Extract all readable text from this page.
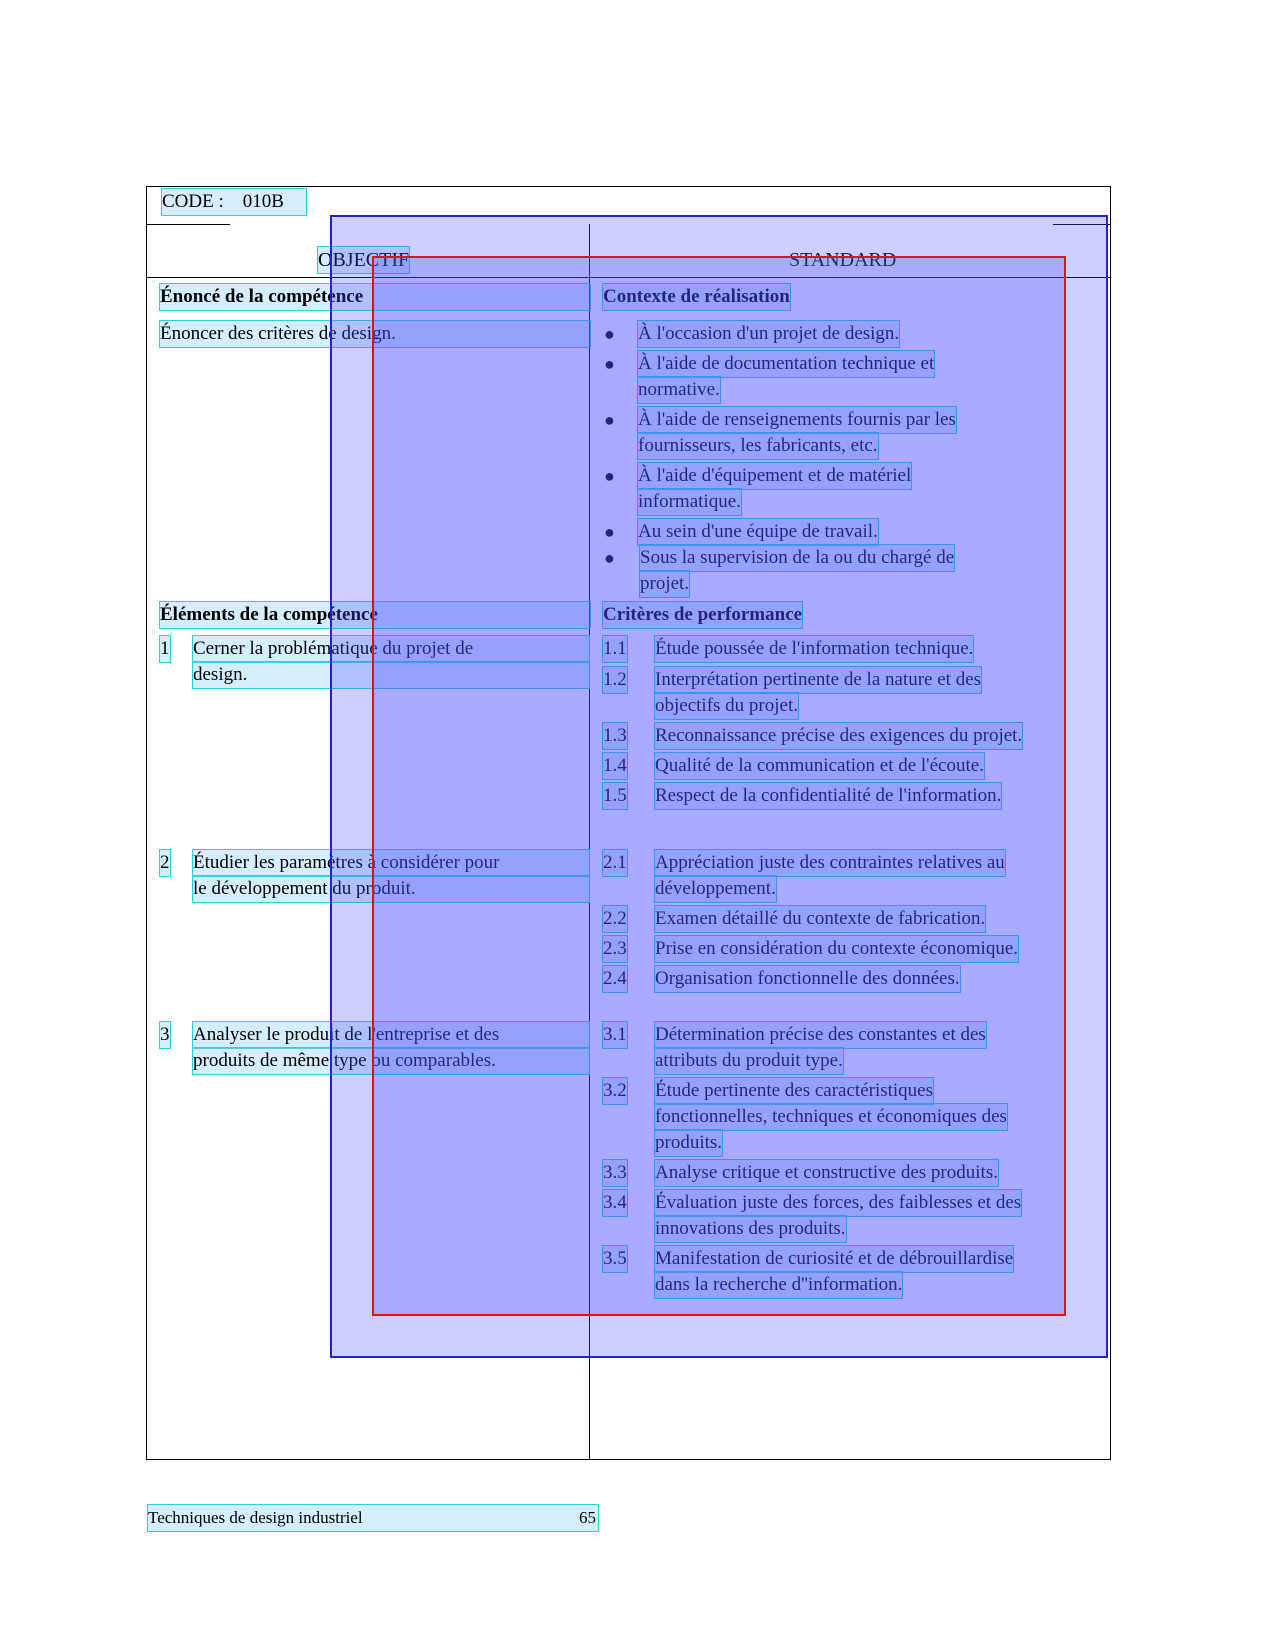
CODE : 010B
OBJECTIF	STANDARD
Énoncé de la compétence
Énoncer des critères de design.
Éléments de la compétence
1 Cerner la problématique du projet de
design.
2 Étudier les paramètres à considérer pour
le développement du produit.
3 Analyser le produit de l'entreprise et des
produits de même type ou comparables.
Contexte de réalisation
● À l'occasion d'un projet de design.
● À l'aide de documentation technique et
normative.
● À l'aide de renseignements fournis par les
fournisseurs, les fabricants, etc.
● À l'aide d'équipement et de matériel
informatique.
● Au sein d'une équipe de travail.
● Sous la supervision de la ou du chargé de
projet.
Critères de performance
1.1 Étude poussée de l'information technique.
1.2 Interprétation pertinente de la nature et des
objectifs du projet.
1.3 Reconnaissance précise des exigences du projet.
1.4 Qualité de la communication et de l'écoute.
1.5 Respect de la confidentialité de l'information.
2.1 Appréciation juste des contraintes relatives au
développement.
2.2 Examen détaillé du contexte de fabrication.
2.3 Prise en considération du contexte économique.
2.4 Organisation fonctionnelle des données.
3.1 Détermination précise des constantes et des
attributs du produit type.
3.2 Étude pertinente des caractéristiques
fonctionnelles, techniques et économiques des
produits.
3.3 Analyse critique et constructive des produits.
3.4 Évaluation juste des forces, des faiblesses et des
innovations des produits.
3.5 Manifestation de curiosité et de débrouillardise
dans la recherche d''information.
Techniques de design industriel	65
